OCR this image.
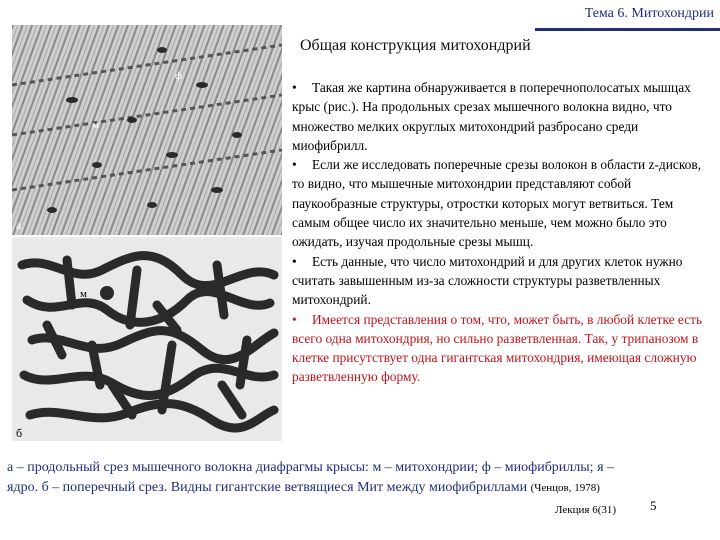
Тема 6. Митохондрии
Общая конструкция митохондрий
ф
м
а
м
б

• Такая же картина обнаруживается в поперечнополосатых мышцах крыс (рис.). На продольных срезах мышечного волокна видно, что множество мелких округлых митохондрий разбросано среди миофибрилл.

• Если же исследовать поперечные срезы волокон в области z-дисков, то видно, что мышечные митохондрии представляют собой паукообразные структуры, отростки которых могут ветвиться. Тем самым общее число их значительно меньше, чем можно было это ожидать, изучая продольные срезы мышц.

• Есть данные, что число митохондрий и для других клеток нужно считать завышенным из-за сложности структуры разветвленных митохондрий.

• Имеется представления о том, что, может быть, в любой клетке есть всего одна митохондрия, но сильно разветвленная. Так, у трипанозом в клетке присутствует одна гигантская митохондрия, имеющая сложную разветвленную форму.

а – продольный срез мышечного волокна диафрагмы крысы: м – митохондрии; ф – миофибриллы; я – ядро. б – поперечный срез. Видны гигантские ветвящиеся Мит между миофибриллами (Ченцов, 1978)
Лекция 6(31)	5
